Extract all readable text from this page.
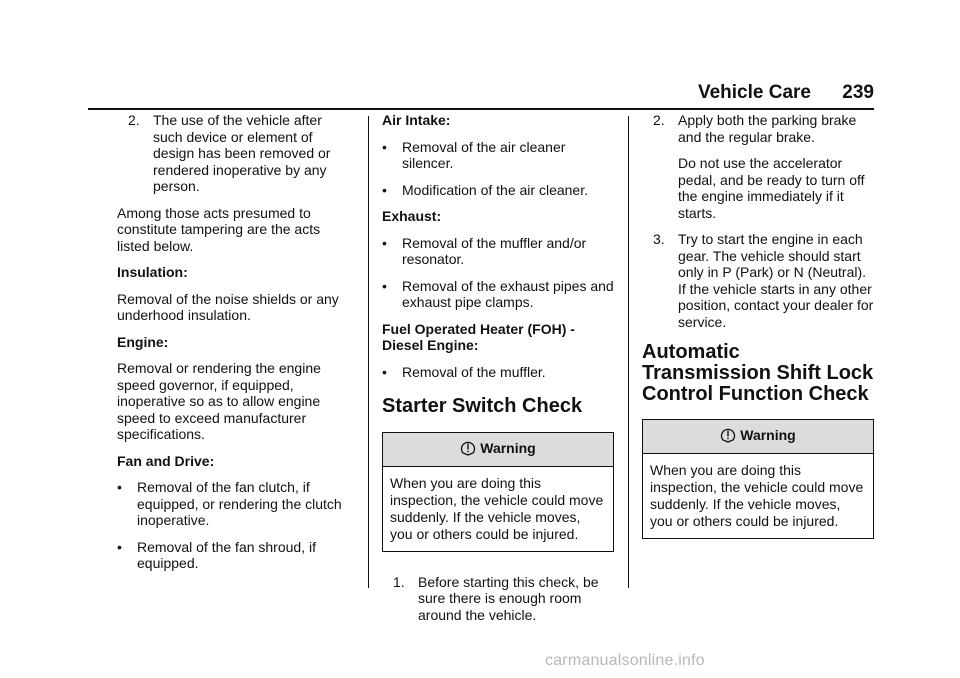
Vehicle Care 239

2. The use of the vehicle after such device or element of design has been removed or rendered inoperative by any person.

Among those acts presumed to constitute tampering are the acts listed below.

Insulation:

Removal of the noise shields or any underhood insulation.

Engine:

Removal or rendering the engine speed governor, if equipped, inoperative so as to allow engine speed to exceed manufacturer specifications.

Fan and Drive:

• Removal of the fan clutch, if equipped, or rendering the clutch inoperative.

• Removal of the fan shroud, if equipped.

Air Intake:

• Removal of the air cleaner silencer.

• Modification of the air cleaner.

Exhaust:

• Removal of the muffler and/or resonator.

• Removal of the exhaust pipes and exhaust pipe clamps.

Fuel Operated Heater (FOH) - Diesel Engine:

• Removal of the muffler.

Starter Switch Check
Warning
When you are doing this inspection, the vehicle could move suddenly. If the vehicle moves, you or others could be injured.

1. Before starting this check, be sure there is enough room around the vehicle.

2. Apply both the parking brake and the regular brake.

Do not use the accelerator pedal, and be ready to turn off the engine immediately if it starts.

3. Try to start the engine in each gear. The vehicle should start only in P (Park) or N (Neutral). If the vehicle starts in any other position, contact your dealer for service.

Automatic Transmission Shift Lock Control Function Check
Warning
When you are doing this inspection, the vehicle could move suddenly. If the vehicle moves, you or others could be injured.
carmanualsonline.info
